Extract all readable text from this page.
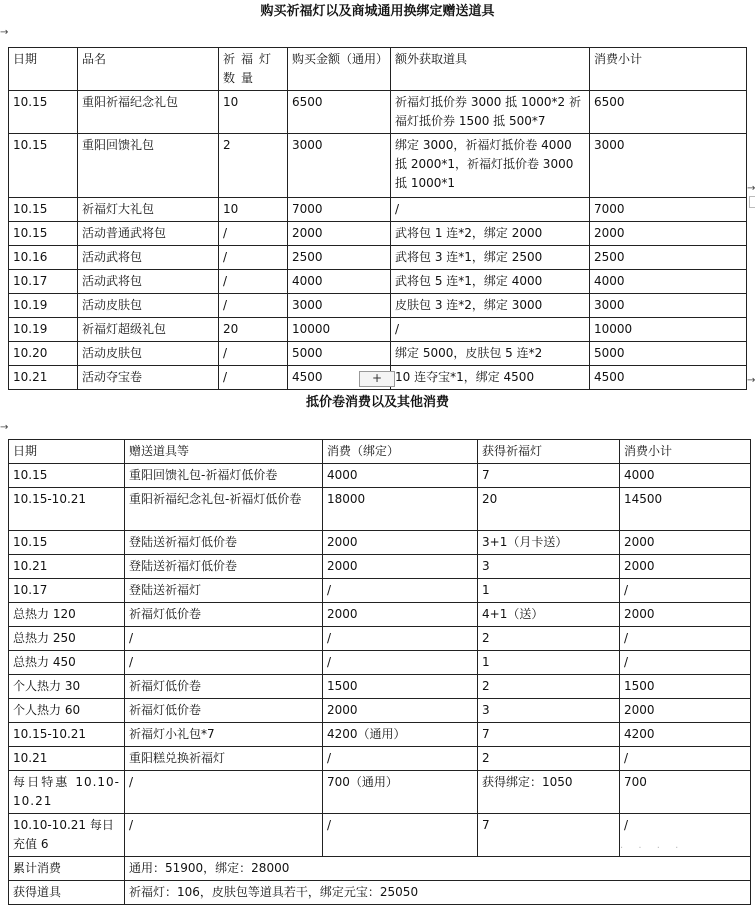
→
→
→
→
购买祈福灯以及商城通用换绑定赠送道具
日期	品名	祈福灯数量	购买金额（通用）	额外获取道具	消费小计
10.15	重阳祈福纪念礼包	10	6500	祈福灯抵价券 3000 抵 1000*2 祈福灯抵价券 1500 抵 500*7	6500
10.15	重阳回馈礼包	2	3000	绑定 3000，祈福灯抵价卷 4000 抵 2000*1，祈福灯抵价卷 3000 抵 1000*1	3000
10.15	祈福灯大礼包	10	7000	/	7000
10.15	活动普通武将包	/	2000	武将包 1 连*2，绑定 2000	2000
10.16	活动武将包	/	2500	武将包 3 连*1，绑定 2500	2500
10.17	活动武将包	/	4000	武将包 5 连*1，绑定 4000	4000
10.19	活动皮肤包	/	3000	皮肤包 3 连*2，绑定 3000	3000
10.19	祈福灯超级礼包	20	10000	/	10000
10.20	活动皮肤包	/	5000	绑定 5000，皮肤包 5 连*2	5000
10.21	活动夺宝卷	/	4500	10 连夺宝*1，绑定 4500	4500
+
抵价卷消费以及其他消费
日期	赠送道具等	消费（绑定）	获得祈福灯	消费小计
10.15	重阳回馈礼包-祈福灯低价卷	4000	7	4000
10.15-10.21	重阳祈福纪念礼包-祈福灯低价卷	18000	20	14500
10.15	登陆送祈福灯低价卷	2000	3+1（月卡送）	2000
10.21	登陆送祈福灯低价卷	2000	3	2000
10.17	登陆送祈福灯	/	1	/
总热力 120	祈福灯低价卷	2000	4+1（送）	2000
总热力 250	/	/	2	/
总热力 450	/	/	1	/
个人热力 30	祈福灯低价卷	1500	2	1500
个人热力 60	祈福灯低价卷	2000	3	2000
10.15-10.21	祈福灯小礼包*7	4200（通用）	7	4200
10.21	重阳糕兑换祈福灯	/	2	/
每日特惠 10.10-10.21	/	700（通用）	获得绑定：1050	700
10.10-10.21 每日充值 6	/	/	7	/
累计消费	通用：51900，绑定：28000			
获得道具	祈福灯：106，皮肤包等道具若干，绑定元宝：25050			
· · · ·
